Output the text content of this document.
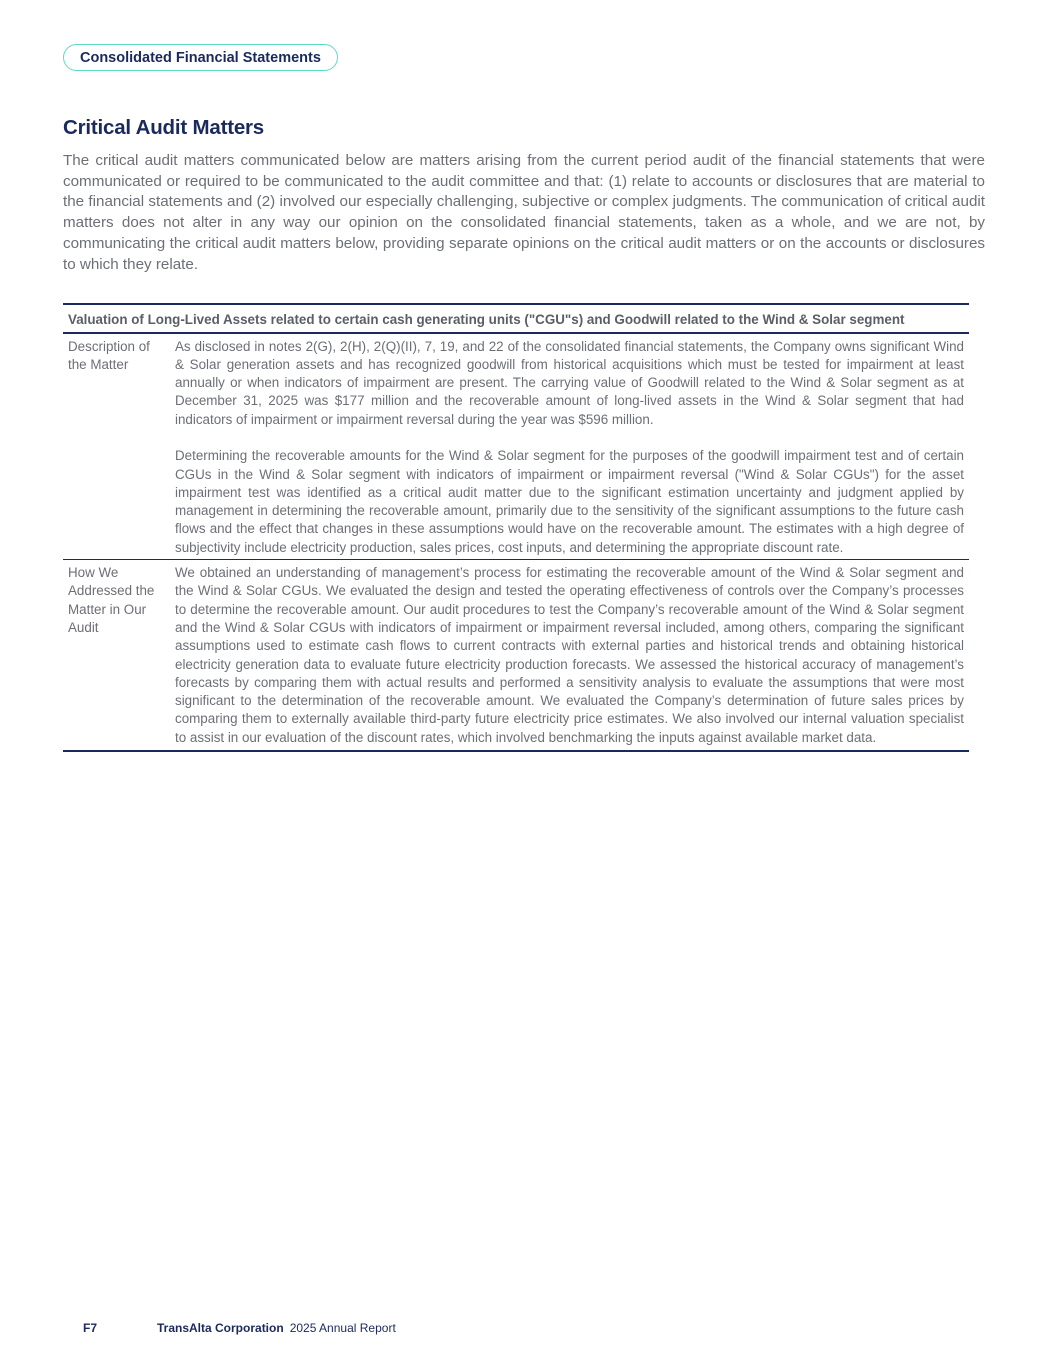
Consolidated Financial Statements
Critical Audit Matters

The critical audit matters communicated below are matters arising from the current period audit of the financial statements that were communicated or required to be communicated to the audit committee and that: (1) relate to accounts or disclosures that are material to the financial statements and (2) involved our especially challenging, subjective or complex judgments. The communication of critical audit matters does not alter in any way our opinion on the consolidated financial statements, taken as a whole, and we are not, by communicating the critical audit matters below, providing separate opinions on the critical audit matters or on the accounts or disclosures to which they relate.

Valuation of Long-Lived Assets related to certain cash generating units ("CGU"s) and Goodwill related to the Wind & Solar segment	
Description of the Matter	As disclosed in notes 2(G), 2(H), 2(Q)(II), 7, 19, and 22 of the consolidated financial statements, the Company owns significant Wind & Solar generation assets and has recognized goodwill from historical acquisitions which must be tested for impairment at least annually or when indicators of impairment are present. The carrying value of Goodwill related to the Wind & Solar segment as at December 31, 2025 was $177 million and the recoverable amount of long-lived assets in the Wind & Solar segment that had indicators of impairment or impairment reversal during the year was $596 million.

Determining the recoverable amounts for the Wind & Solar segment for the purposes of the goodwill impairment test and of certain CGUs in the Wind & Solar segment with indicators of impairment or impairment reversal ("Wind & Solar CGUs") for the asset impairment test was identified as a critical audit matter due to the significant estimation uncertainty and judgment applied by management in determining the recoverable amount, primarily due to the sensitivity of the significant assumptions to the future cash flows and the effect that changes in these assumptions would have on the recoverable amount. The estimates with a high degree of subjectivity include electricity production, sales prices, cost inputs, and determining the appropriate discount rate.

How We Addressed the Matter in Our Audit	We obtained an understanding of management’s process for estimating the recoverable amount of the Wind & Solar segment and the Wind & Solar CGUs. We evaluated the design and tested the operating effectiveness of controls over the Company’s processes to determine the recoverable amount. Our audit procedures to test the Company’s recoverable amount of the Wind & Solar segment and the Wind & Solar CGUs with indicators of impairment or impairment reversal included, among others, comparing the significant assumptions used to estimate cash flows to current contracts with external parties and historical trends and obtaining historical electricity generation data to evaluate future electricity production forecasts. We assessed the historical accuracy of management’s forecasts by comparing them with actual results and performed a sensitivity analysis to evaluate the assumptions that were most significant to the determination of the recoverable amount. We evaluated the Company’s determination of future sales prices by comparing them to externally available third-party future electricity price estimates. We also involved our internal valuation specialist to assist in our evaluation of the discount rates, which involved benchmarking the inputs against available market data.

F7	TransAlta Corporation 2025 Annual Report
